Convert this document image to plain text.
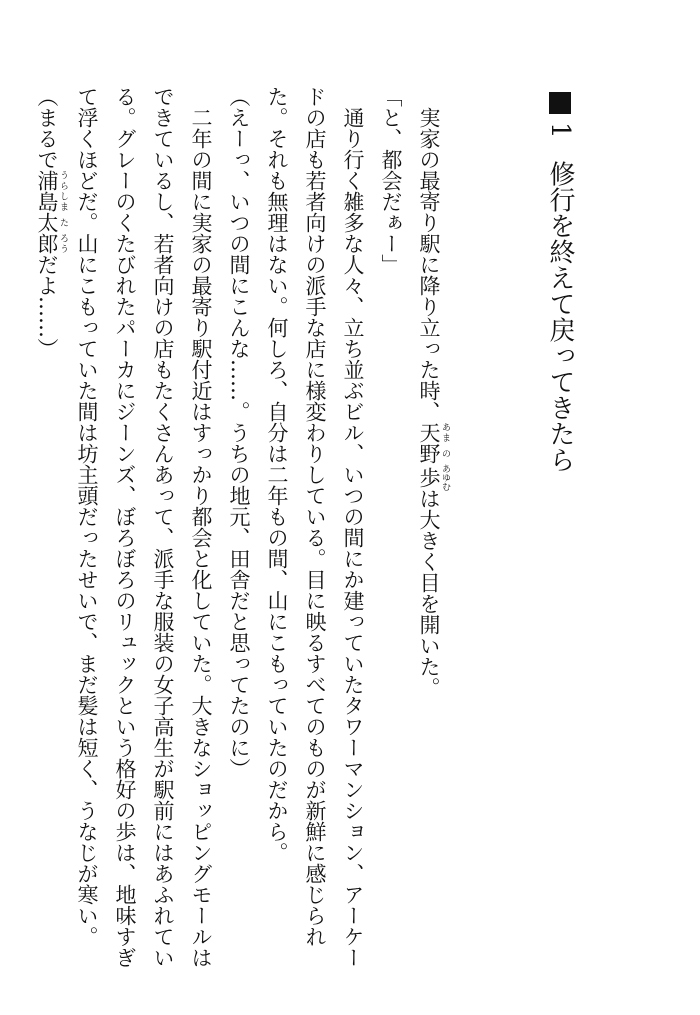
1修行を終えて戻ってきたら

実家の最寄り駅に降り立った時、天 あま野 の歩 あゆむは大きく目を開いた。

「と、都会だぁー」

通り行く雑多な人々、立ち並ぶビル、いつの間にか建っていたタワーマンション、アーケードの店も若者向けの派手な店に様変わりしている。目に映るすべてのものが新鮮に感じられた。それも無理はない。何しろ、自分は二年もの間、山にこもっていたのだから。

（えーっ、いつの間にこんな……。うちの地元、田舎だと思ってたのに）

二年の間に実家の最寄り駅付近はすっかり都会と化していた。大きなショッピングモールはできているし、若者向けの店もたくさんあって、派手な服装の女子高生が駅前にはあふれている。グレーのくたびれたパーカにジーンズ、ぼろぼろのリュックという格好の歩は、地味すぎて浮くほどだ。山にこもっていた間は坊主頭だったせいで、まだ髪は短く、うなじが寒い。

（まるで浦 うら島 しま太 た郎 ろうだよ……）
